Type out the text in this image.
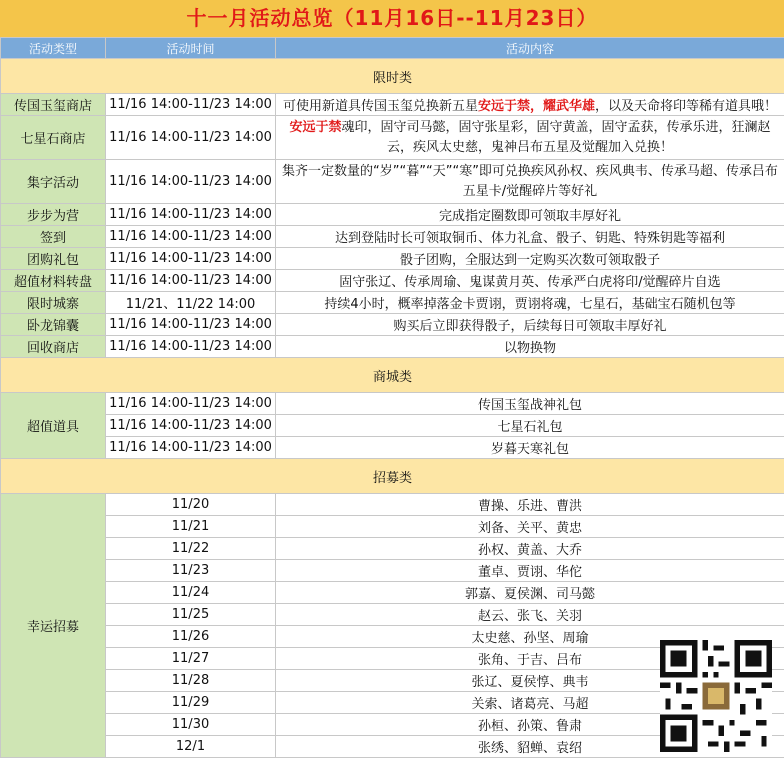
十一月活动总览（11月16日--11月23日）
活动类型	活动时间	活动内容
限时类		
传国玉玺商店	11/16 14:00-11/23 14:00	可使用新道具传国玉玺兑换新五星安远于禁，耀武华雄，以及天命将印等稀有道具哦！
七星石商店	11/16 14:00-11/23 14:00	安远于禁魂印，固守司马懿，固守张星彩，固守黄盖，固守孟获，传承乐进，狂澜赵云，疾风太史慈，鬼神吕布五星及觉醒加入兑换！
集字活动	11/16 14:00-11/23 14:00	集齐一定数量的“岁”“暮”“天”“寒”即可兑换疾风孙权、疾风典韦、传承马超、传承吕布五星卡/觉醒碎片等好礼
步步为营	11/16 14:00-11/23 14:00	完成指定圈数即可领取丰厚好礼
签到	11/16 14:00-11/23 14:00	达到登陆时长可领取铜币、体力礼盒、骰子、钥匙、特殊钥匙等福利
团购礼包	11/16 14:00-11/23 14:00	骰子团购，全服达到一定购买次数可领取骰子
超值材料转盘	11/16 14:00-11/23 14:00	固守张辽、传承周瑜、鬼谋黄月英、传承严白虎将印/觉醒碎片自选
限时城寨	11/21、11/22 14:00	持续4小时，概率掉落金卡贾诩，贾诩将魂，七星石，基础宝石随机包等
卧龙锦囊	11/16 14:00-11/23 14:00	购买后立即获得骰子，后续每日可领取丰厚好礼
回收商店	11/16 14:00-11/23 14:00	以物换物
商城类		
超值道具	11/16 14:00-11/23 14:00	传国玉玺战神礼包
	11/16 14:00-11/23 14:00	七星石礼包
	11/16 14:00-11/23 14:00	岁暮天寒礼包
招募类		
幸运招募	11/20	曹操、乐进、曹洪
	11/21	刘备、关平、黄忠
	11/22	孙权、黄盖、大乔
	11/23	董卓、贾诩、华佗
	11/24	郭嘉、夏侯渊、司马懿
	11/25	赵云、张飞、关羽
	11/26	太史慈、孙坚、周瑜
	11/27	张角、于吉、吕布
	11/28	张辽、夏侯惇、典韦
	11/29	关索、诸葛亮、马超
	11/30	孙桓、孙策、鲁肃
	12/1	张绣、貂蝉、袁绍
